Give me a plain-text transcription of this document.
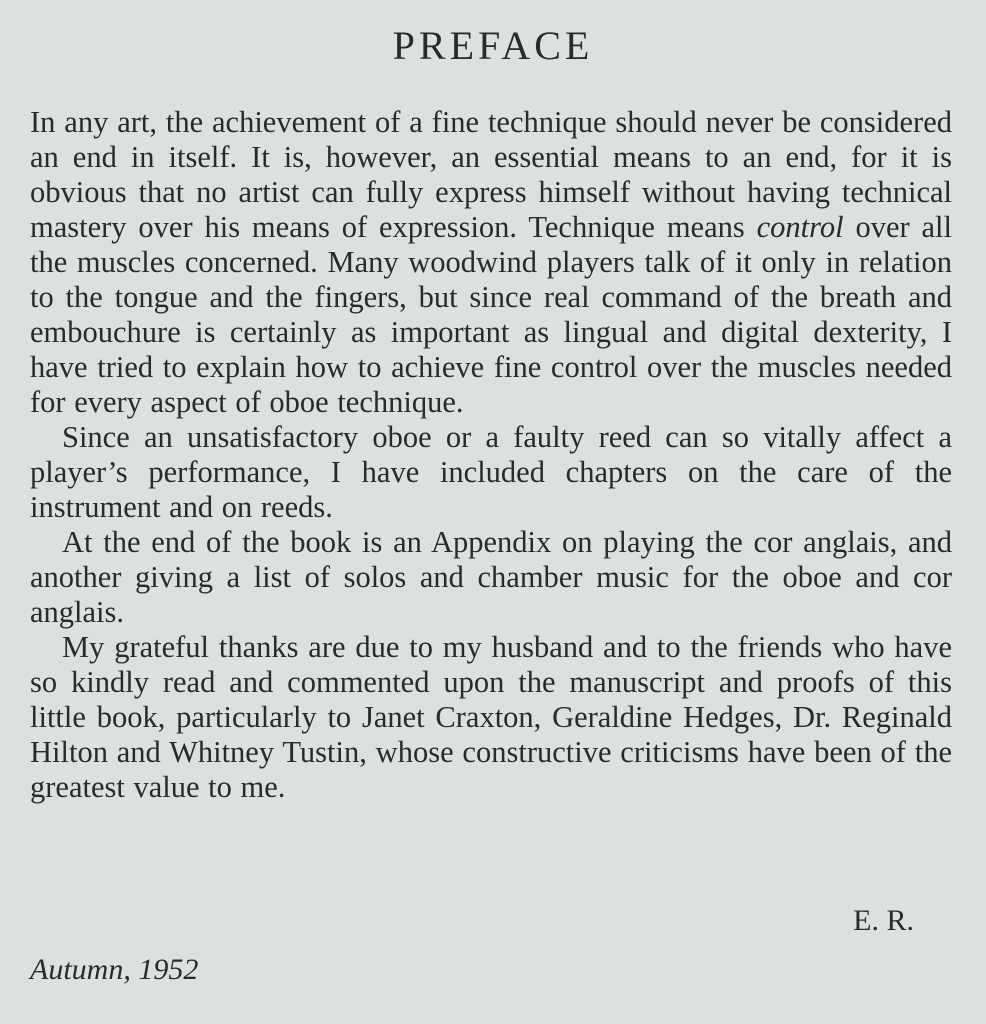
PREFACE

In any art, the achievement of a fine technique should never be considered an end in itself. It is, however, an essential means to an end, for it is obvious that no artist can fully express himself without having technical mastery over his means of expression. Technique means control over all the muscles concerned. Many woodwind players talk of it only in relation to the tongue and the fingers, but since real command of the breath and embouchure is certainly as important as lingual and digital dexterity, I have tried to explain how to achieve fine control over the muscles needed for every aspect of oboe technique.

Since an unsatisfactory oboe or a faulty reed can so vitally affect a player’s performance, I have included chapters on the care of the instrument and on reeds.

At the end of the book is an Appendix on playing the cor anglais, and another giving a list of solos and chamber music for the oboe and cor anglais.

My grateful thanks are due to my husband and to the friends who have so kindly read and commented upon the manuscript and proofs of this little book, particularly to Janet Craxton, Geraldine Hedges, Dr. Reginald Hilton and Whitney Tustin, whose constructive criticisms have been of the greatest value to me.

E. R.

Autumn, 1952
